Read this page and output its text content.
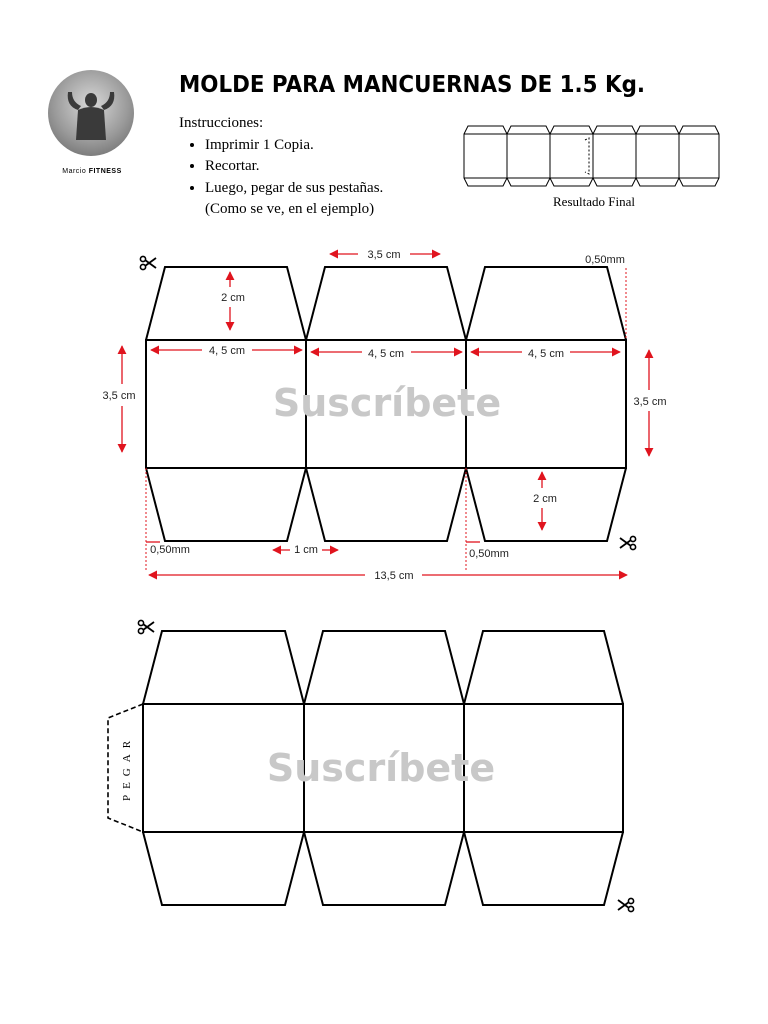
Marcio FITNESS
MOLDE PARA MANCUERNAS DE 1.5 Kg.
Instrucciones:
• Imprimir 1 Copia.
• Recortar.
• Luego, pegar de sus pestañas.
(Como se ve, en el ejemplo)	Resultado Final
3,5 cm	0,50mm
2 cm
4, 5 cm	4, 5 cm	4, 5 cm
3,5 cm	3,5 cm
2 cm
0,50mm	1 cm	0,50mm
13,5 cm
Suscríbete
PEGAR	Suscríbete
